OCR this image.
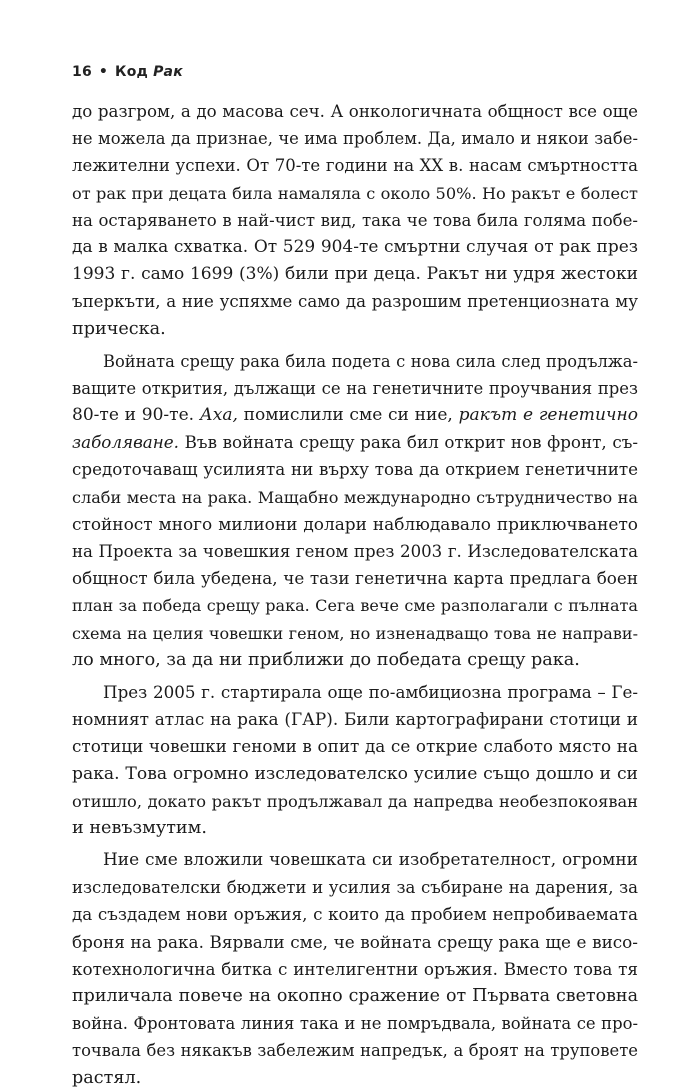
16 • Код Рак
до разгром, а до масова сеч. А онкологичната общност все още
не можела да признае, че има проблем. Да, имало и някои забе-
лежителни успехи. От 70-те години на XX в. насам смъртността
от рак при децата била намаляла с около 50%. Но ракът е болест
на остаряването в най-чист вид, така че това била голяма побе-
да в малка схватка. От 529 904-те смъртни случая от рак през
1993 г. само 1699 (3%) били при деца. Ракът ни удря жестоки
ъперкъти, а ние успяхме само да разрошим претенциозната му
прическа.
Войната срещу рака била подета с нова сила след продължа-
ващите открития, дължащи се на генетичните проучвания през
80-те и 90-те. Аха, помислили сме си ние, ракът е генетично
заболяване. Във войната срещу рака бил открит нов фронт, съ-
средоточаващ усилията ни върху това да открием генетичните
слаби места на рака. Мащабно международно сътрудничество на
стойност много милиони долари наблюдавало приключването
на Проекта за човешкия геном през 2003 г. Изследователската
общност била убедена, че тази генетична карта предлага боен
план за победа срещу рака. Сега вече сме разполагали с пълната
схема на целия човешки геном, но изненадващо това не направи-
ло много, за да ни приближи до победата срещу рака.
През 2005 г. стартирала още по-амбициозна програма – Ге-
номният атлас на рака (ГАР). Били картографирани стотици и
стотици човешки геноми в опит да се открие слабото място на
рака. Това огромно изследователско усилие също дошло и си
отишло, докато ракът продължавал да напредва необезпокояван
и невъзмутим.
Ние сме вложили човешката си изобретателност, огромни
изследователски бюджети и усилия за събиране на дарения, за
да създадем нови оръжия, с които да пробием непробиваемата
броня на рака. Вярвали сме, че войната срещу рака ще е висо-
котехнологична битка с интелигентни оръжия. Вместо това тя
приличала повече на окопно сражение от Първата световна
война. Фронтовата линия така и не помръдвала, войната се про-
точвала без някакъв забележим напредък, а броят на труповете
растял.
